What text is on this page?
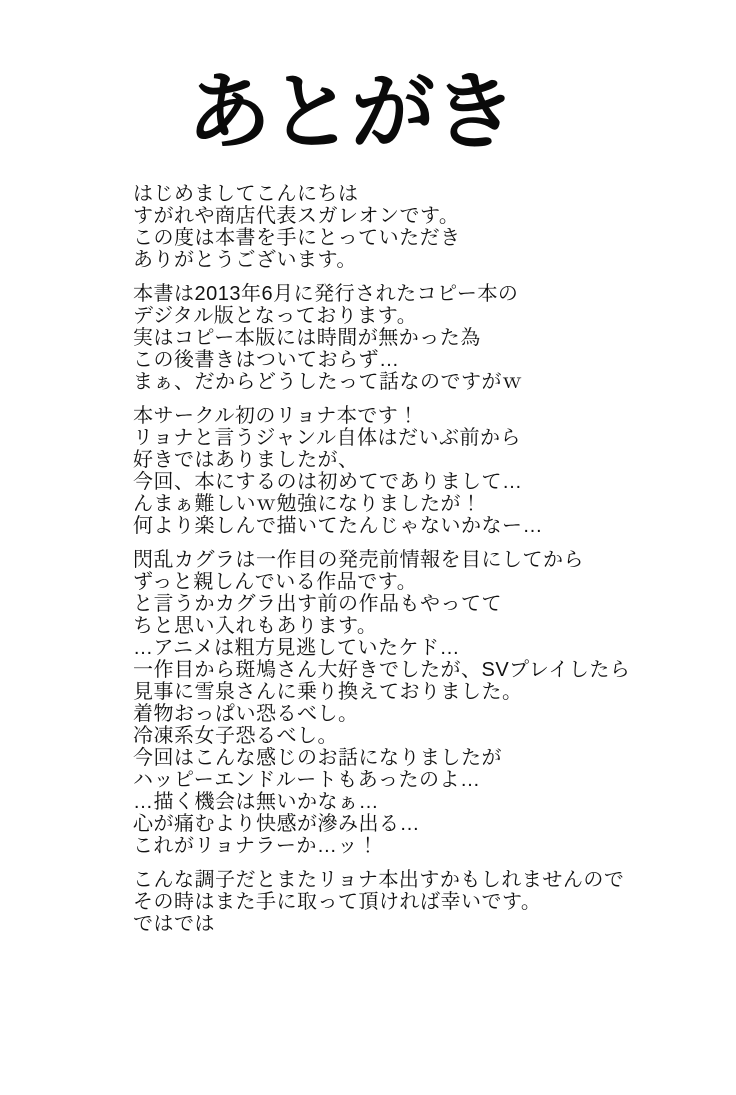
あとがき
はじめましてこんにちは
すがれや商店代表スガレオンです。
この度は本書を手にとっていただき
ありがとうございます。
本書は2013年6月に発行されたコピー本の
デジタル版となっております。
実はコピー本版には時間が無かった為
この後書きはついておらず…
まぁ、だからどうしたって話なのですがｗ
本サークル初のリョナ本です！
リョナと言うジャンル自体はだいぶ前から
好きではありましたが、
今回、本にするのは初めてでありまして…
んまぁ難しいｗ勉強になりましたが！
何より楽しんで描いてたんじゃないかなー…
閃乱カグラは一作目の発売前情報を目にしてから
ずっと親しんでいる作品です。
と言うかカグラ出す前の作品もやってて
ちと思い入れもあります。
…アニメは粗方見逃していたケド…
一作目から斑鳩さん大好きでしたが、SVプレイしたら
見事に雪泉さんに乗り換えておりました。
着物おっぱい恐るべし。
冷凍系女子恐るべし。
今回はこんな感じのお話になりましたが
ハッピーエンドルートもあったのよ…
…描く機会は無いかなぁ…
心が痛むより快感が滲み出る…
これがリョナラーか…ッ！
こんな調子だとまたリョナ本出すかもしれませんので
その時はまた手に取って頂ければ幸いです。
ではでは
